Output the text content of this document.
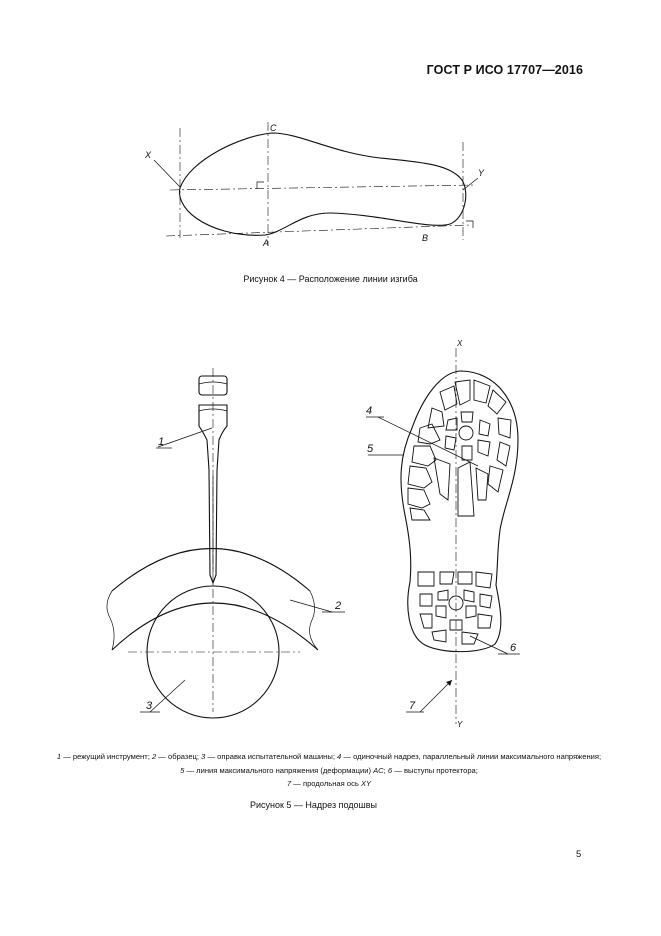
ГОСТ Р ИСО 17707—2016
X
Y
C
A	B
1
2
3
X
Y
4
5
6
7
Рисунок 4 — Расположение линии изгиба
1 — режущий инструмент; 2 — образец; 3 — оправка испытательной машины; 4 — одиночный надрез, параллельный линии максимального напряжения; 5 — линия максимального напряжения (деформации) AC; 6 — выступы протектора;
7 — продольная ось XY
Рисунок 5 — Надрез подошвы
5
